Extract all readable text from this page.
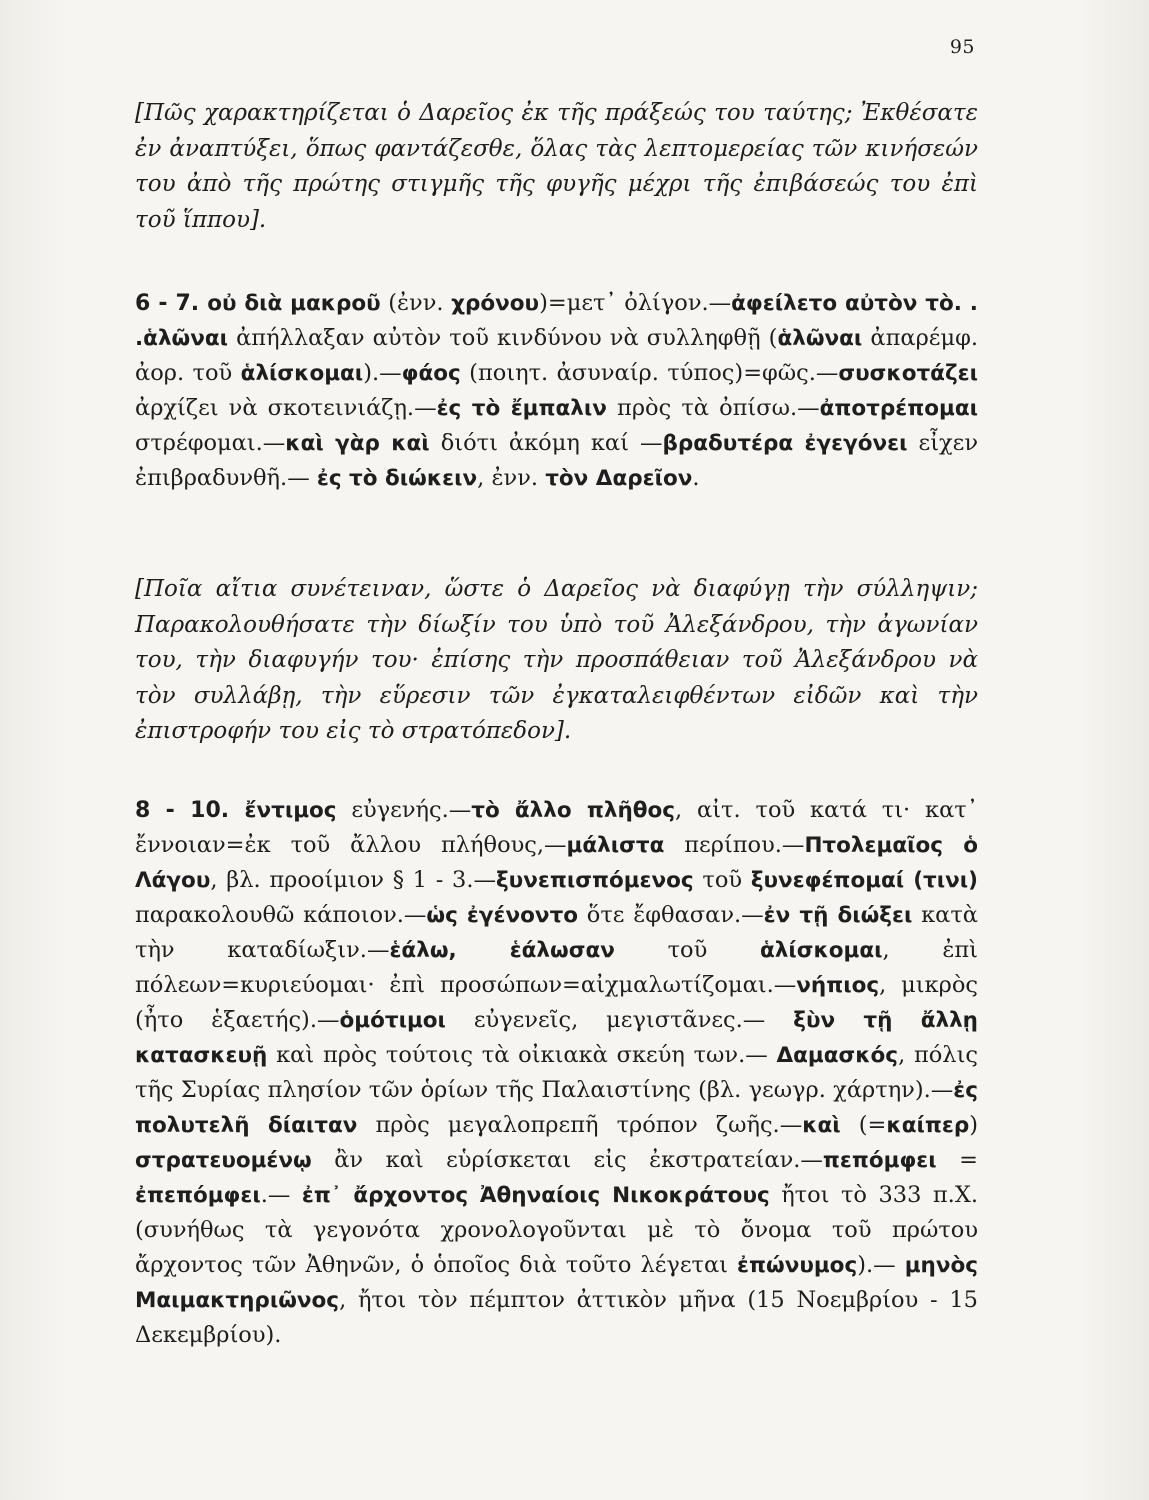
95

[Πῶς χαρακτηρίζεται ὁ Δαρεῖος ἐκ τῆς πράξεώς του ταύτης; Ἐκθέσατε ἐν ἀναπτύξει, ὅπως φαντάζεσθε, ὅλας τὰς λεπτομερείας τῶν κινήσεών του ἀπὸ τῆς πρώτης στιγμῆς τῆς φυγῆς μέχρι τῆς ἐπιβάσεώς του ἐπὶ τοῦ ἵππου].

6 - 7. οὐ διὰ μακροῦ (ἐνν. χρόνου)=μετ᾽ ὀλίγον.—ἀφείλετο αὐτὸν τὸ. . .ἁλῶναι ἀπήλλαξαν αὐτὸν τοῦ κινδύνου νὰ συλληφθῇ (ἁλῶναι ἀπαρέμφ. ἀορ. τοῦ ἁλίσκομαι).—φάος (ποιητ. ἀσυναίρ. τύπος)=φῶς.—συσκοτάζει ἀρχίζει νὰ σκοτεινιάζῃ.—ἐς τὸ ἔμπαλιν πρὸς τὰ ὀπίσω.—ἀποτρέπομαι στρέφομαι.—καὶ γὰρ καὶ διότι ἀκόμη καί —βραδυτέρα ἐγεγόνει εἶχεν ἐπιβραδυνθῆ.— ἐς τὸ διώκειν, ἐνν. τὸν Δαρεῖον.

[Ποῖα αἴτια συνέτειναν, ὥστε ὁ Δαρεῖος νὰ διαφύγῃ τὴν σύλληψιν; Παρακολουθήσατε τὴν δίωξίν του ὑπὸ τοῦ Ἀλεξάνδρου, τὴν ἀγωνίαν του, τὴν διαφυγήν του· ἐπίσης τὴν προσπάθειαν τοῦ Ἀλεξάνδρου νὰ τὸν συλλάβῃ, τὴν εὕρεσιν τῶν ἐγκαταλειφθέντων εἰδῶν καὶ τὴν ἐπιστροφήν του εἰς τὸ στρατόπεδον].

8 - 10. ἔντιμος εὐγενής.—τὸ ἄλλο πλῆθος, αἰτ. τοῦ κατά τι· κατ᾽ ἔννοιαν=ἐκ τοῦ ἄλλου πλήθους,—μάλιστα περίπου.—Πτολεμαῖος ὁ Λάγου, βλ. προοίμιον § 1 - 3.—ξυνεπισπόμενος τοῦ ξυνεφέπομαί (τινι) παρακολουθῶ κάποιον.—ὡς ἐγένοντο ὅτε ἔφθασαν.—ἐν τῇ διώξει κατὰ τὴν καταδίωξιν.—ἑάλω, ἑάλωσαν τοῦ ἁλίσκομαι, ἐπὶ πόλεων=κυριεύομαι· ἐπὶ προσώπων=αἰχμαλωτίζομαι.—νήπιος, μικρὸς (ἦτο ἑξαετής).—ὁμότιμοι εὐγενεῖς, μεγιστᾶνες.— ξὺν τῇ ἄλλῃ κατασκευῇ καὶ πρὸς τούτοις τὰ οἰκιακὰ σκεύη των.— Δαμασκός, πόλις τῆς Συρίας πλησίον τῶν ὁρίων τῆς Παλαιστίνης (βλ. γεωγρ. χάρτην).—ἐς πολυτελῆ δίαιταν πρὸς μεγαλοπρεπῆ τρόπον ζωῆς.—καὶ (=καίπερ) στρατευομένῳ ἂν καὶ εὑρίσκεται εἰς ἐκστρατείαν.—πεπόμφει = ἐπεπόμφει.— ἐπ᾽ ἄρχοντος Ἀθηναίοις Νικοκράτους ἤτοι τὸ 333 π.Χ. (συνήθως τὰ γεγονότα χρονολογοῦνται μὲ τὸ ὄνομα τοῦ πρώτου ἄρχοντος τῶν Ἀθηνῶν, ὁ ὁποῖος διὰ τοῦτο λέγεται ἐπώνυμος).— μηνὸς Μαιμακτηριῶνος, ἤτοι τὸν πέμπτον ἀττικὸν μῆνα (15 Νοεμβρίου - 15 Δεκεμβρίου).
